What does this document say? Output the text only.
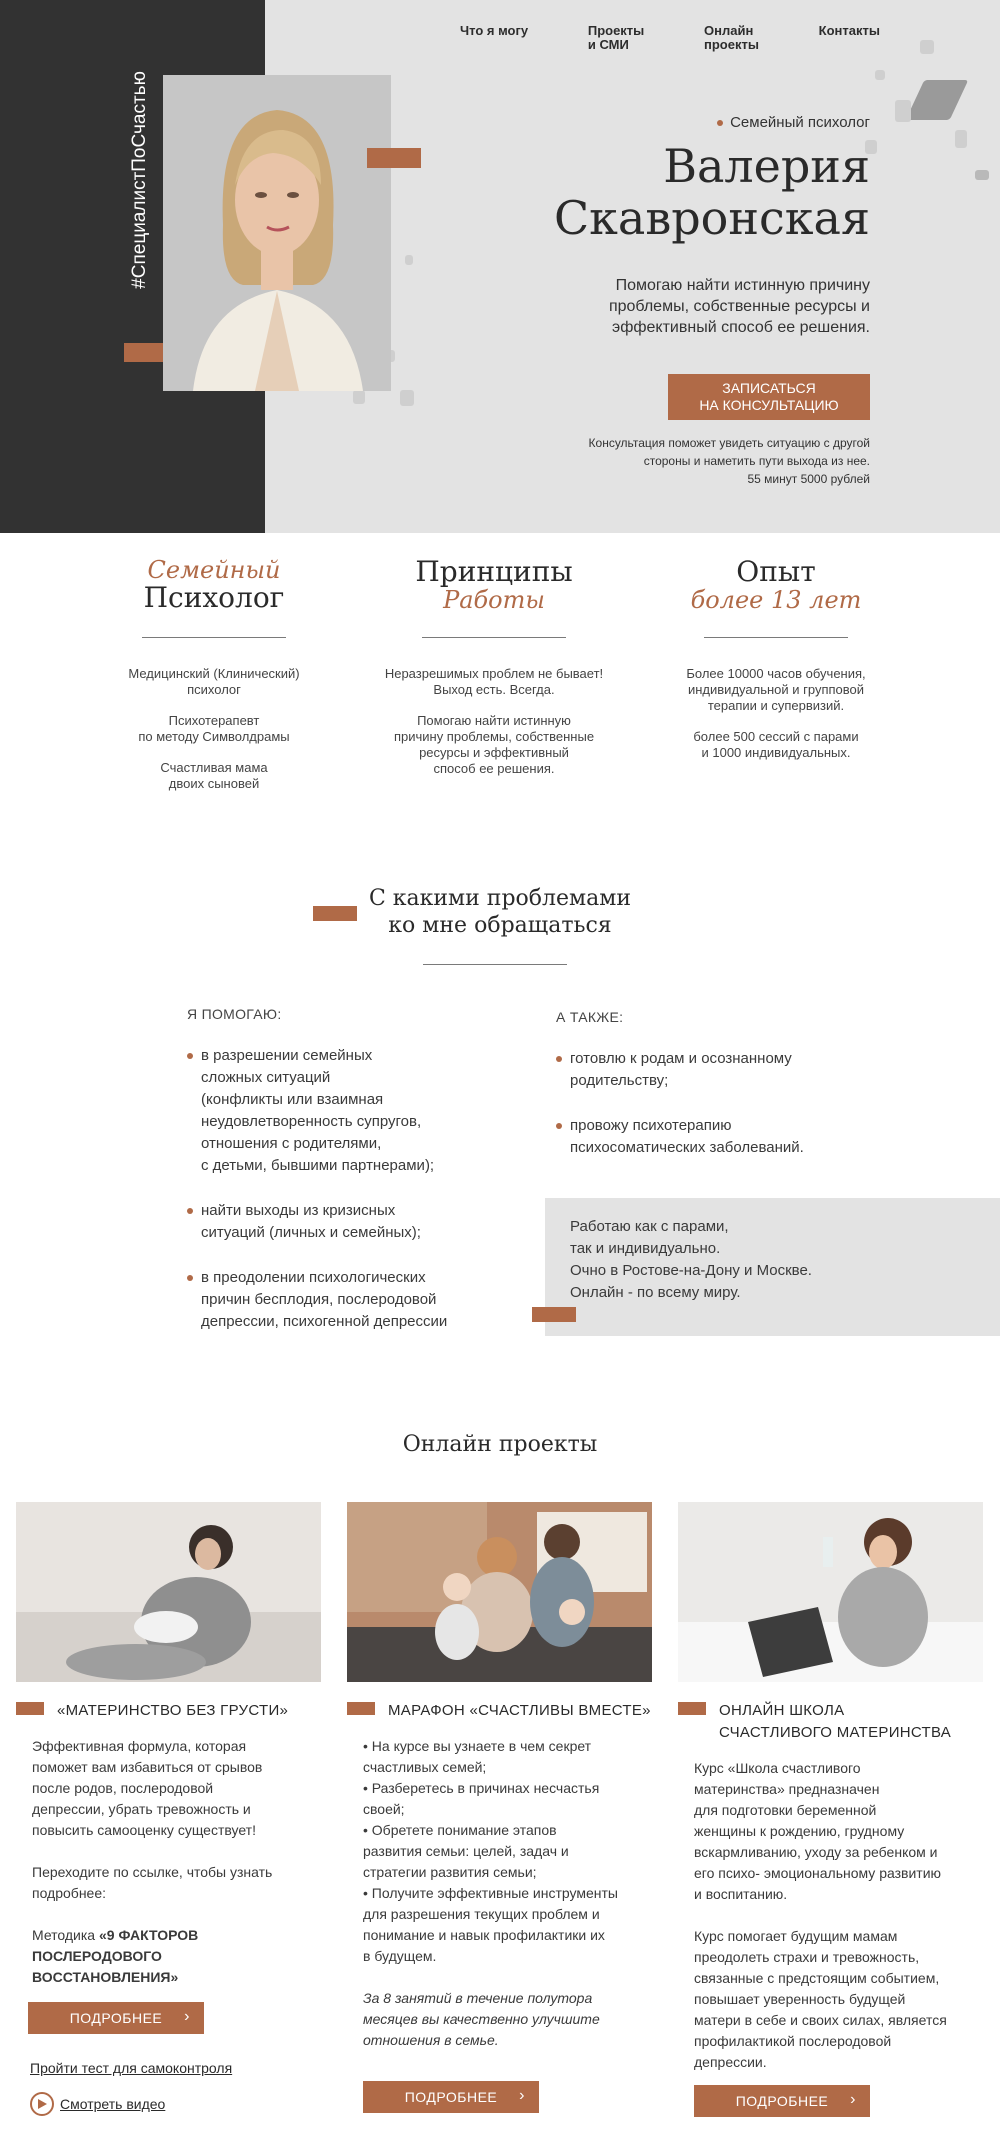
Что я могу	Проекты
и СМИ
Онлайн
проекты
Контакты
#СпециалистПоСчастью	Семейный психолог
Валерия
Скавронская
Помогаю найти истинную причину
проблемы, собственные ресурсы и
эффективный способ ее решения.
ЗАПИСАТЬСЯ
НА КОНСУЛЬТАЦИЮ
Консультация поможет увидеть ситуацию с другой
стороны и наметить пути выхода из нее.
55 минут 5000 рублей
Семейный
Психолог
Медицинский (Клинический)
психолог
Психотерапевт
по методу Символдрамы
Счастливая мама
двоих сыновей
Принципы
Работы
Неразрешимых проблем не бывает!
Выход есть. Всегда.
Помогаю найти истинную
причину проблемы, собственные
ресурсы и эффективный
способ ее решения.
Опыт
более 13 лет
Более 10000 часов обучения,
индивидуальной и групповой
терапии и супервизий.
более 500 сессий с парами
и 1000 индивидуальных.
С какими проблемами
ко мне обращаться
Я ПОМОГАЮ:
в разрешении семейных
сложных ситуаций
(конфликты или взаимная
неудовлетворенность супругов,
отношения с родителями,
с детьми, бывшими партнерами);
найти выходы из кризисных
ситуаций (личных и семейных);
в преодолении психологических
причин бесплодия, послеродовой
депрессии, психогенной депрессии
А ТАКЖЕ:
готовлю к родам и осознанному
родительству;
провожу психотерапию
психосоматических заболеваний.
Работаю как с парами,
так и индивидуально.
Очно в Ростове-на-Дону и Москве.
Онлайн - по всему миру.
Онлайн проекты
«МАТЕРИНСТВО БЕЗ ГРУСТИ»
Эффективная формула, которая
поможет вам избавиться от срывов
после родов, послеродовой
депрессии, убрать тревожность и
повысить самооценку существует!
Переходите по ссылке, чтобы узнать
подробнее:
Методика «9 ФАКТОРОВ
ПОСЛЕРОДОВОГО
ВОССТАНОВЛЕНИЯ»
ПОДРОБНЕЕ ›
Пройти тест для самоконтроля
Смотреть видео
МАРАФОН «СЧАСТЛИВЫ ВМЕСТЕ»
• На курсе вы узнаете в чем секрет
счастливых семей;
• Разберетесь в причинах несчастья
своей;
• Обретете понимание этапов
развития семьи: целей, задач и
стратегии развития семьи;
• Получите эффективные инструменты
для разрешения текущих проблем и
понимание и навык профилактики их
в будущем.
За 8 занятий в течение полутора
месяцев вы качественно улучшите
отношения в семье.
ПОДРОБНЕЕ ›
ОНЛАЙН ШКОЛА
СЧАСТЛИВОГО МАТЕРИНСТВА
Курс «Школа счастливого
материнства» предназначен
для подготовки беременной
женщины к рождению, грудному
вскармливанию, уходу за ребенком и
его психо- эмоциональному развитию
и воспитанию.
Курс помогает будущим мамам
преодолеть страхи и тревожность,
связанные с предстоящим событием,
повышает уверенность будущей
матери в себе и своих силах, является
профилактикой послеродовой
депрессии.
ПОДРОБНЕЕ ›
